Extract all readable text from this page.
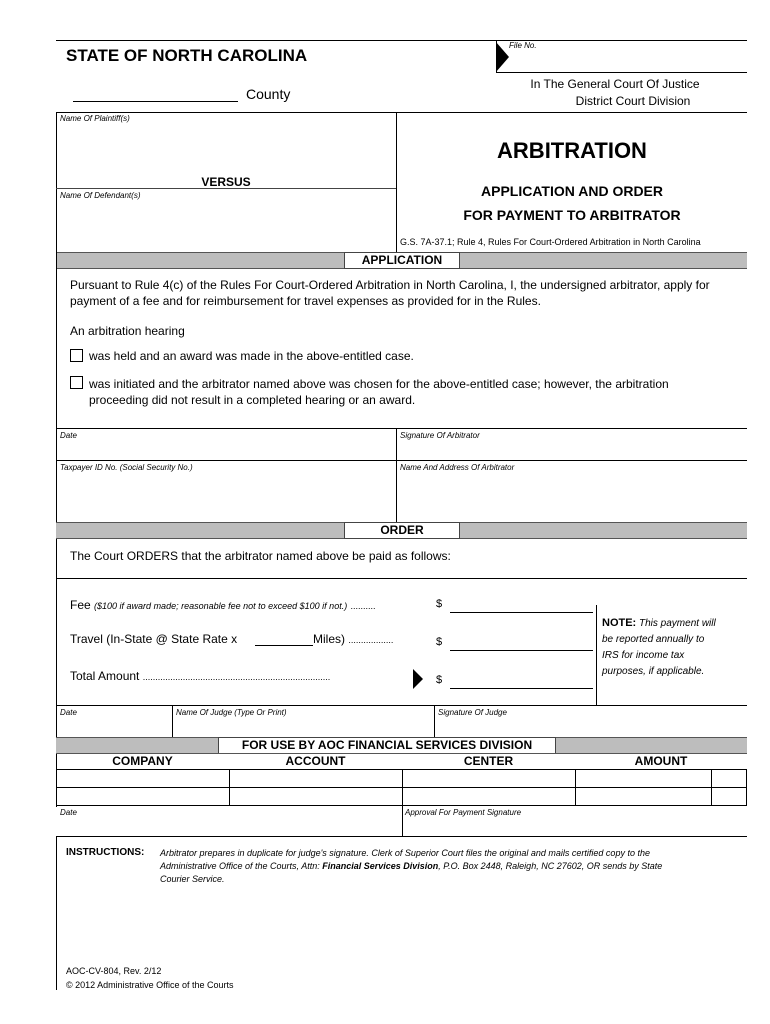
STATE OF NORTH CAROLINA
County
File No.
In The General Court Of Justice
District Court Division
Name Of Plaintiff(s)
VERSUS
Name Of Defendant(s)
ARBITRATION
APPLICATION AND ORDER
FOR PAYMENT TO ARBITRATOR
G.S. 7A-37.1; Rule 4, Rules For Court-Ordered Arbitration in North Carolina
APPLICATION
Pursuant to Rule 4(c) of the Rules For Court-Ordered Arbitration in North Carolina, I, the undersigned arbitrator, apply for
payment of a fee and for reimbursement for travel expenses as provided for in the Rules.
An arbitration hearing
was held and an award was made in the above-entitled case.
was initiated and the arbitrator named above was chosen for the above-entitled case; however, the arbitration
proceeding did not result in a completed hearing or an award.
Date	Signature Of Arbitrator
Taxpayer ID No. (Social Security No.)	Name And Address Of Arbitrator
ORDER
The Court ORDERS that the arbitrator named above be paid as follows:
Fee ($100 if award made; reasonable fee not to exceed $100 if not.) ..........	$
Travel (In-State @ State Rate x	Miles) ..................	$
Total Amount ...........................................................................	$
NOTE: This payment will
be reported annually to
IRS for income tax
purposes, if applicable.
Date	Name Of Judge (Type Or Print)	Signature Of Judge
FOR USE BY AOC FINANCIAL SERVICES DIVISION
COMPANY	ACCOUNT	CENTER	AMOUNT
Date	Approval For Payment Signature
INSTRUCTIONS: Arbitrator prepares in duplicate for judge's signature. Clerk of Superior Court files the original and mails certified copy to the
Administrative Office of the Courts, Attn: Financial Services Division, P.O. Box 2448, Raleigh, NC 27602, OR sends by State
Courier Service.
AOC-CV-804, Rev. 2/12
© 2012 Administrative Office of the Courts
